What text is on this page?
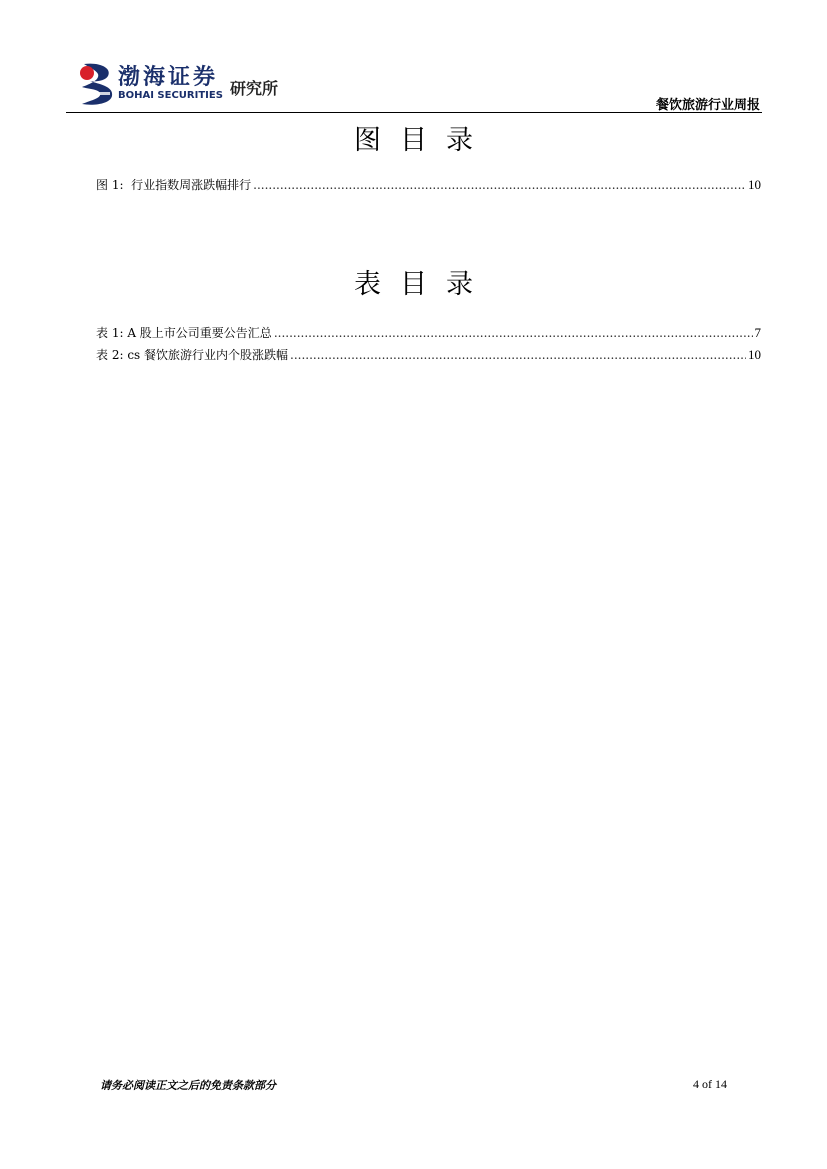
渤海证券
BOHAI SECURITIES 研究所
餐饮旅游行业周报
图目录
图 1: 行业指数周涨跌幅排行 .....	10
表目录
表 1: A 股上市公司重要公告汇总 .....	7
表 2: cs 餐饮旅游行业内个股涨跌幅 .....	10
请务必阅读正文之后的免责条款部分	4 of 14
